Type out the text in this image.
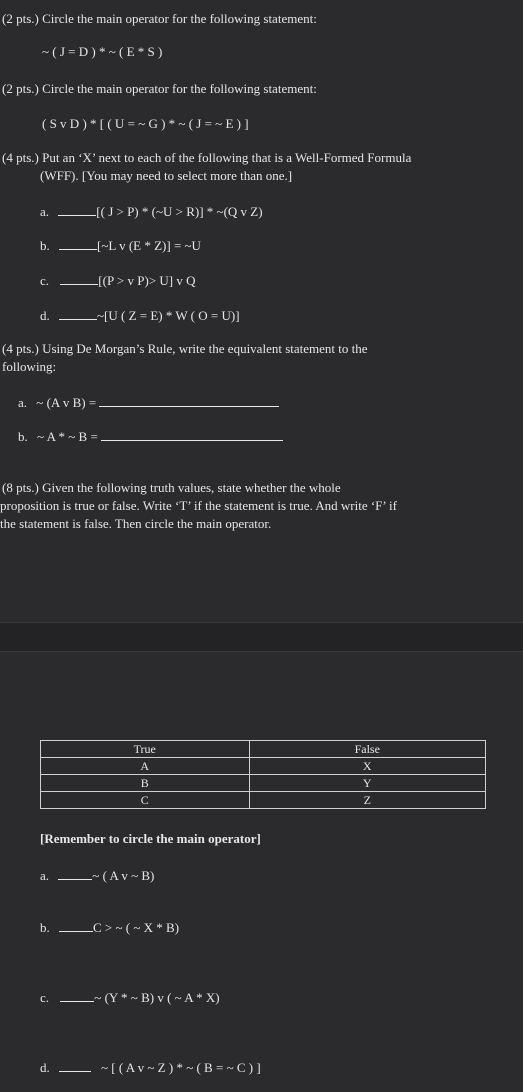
(2 pts.) Circle the main operator for the following statement:
~ ( J = D ) * ~ ( E * S )
(2 pts.) Circle the main operator for the following statement:
( S v D ) * [ ( U = ~ G ) * ~ ( J = ~ E ) ]
(4 pts.) Put an ‘X’ next to each of the following that is a Well-Formed Formula
(WFF). [You may need to select more than one.]
a.	[( J > P) * (~U > R)] * ~(Q v Z)
b.	[~L v (E * Z)] = ~U
c.	[(P > v P)> U] v Q
d.	~[U ( Z = E) * W ( O = U)]
(4 pts.) Using De Morgan’s Rule, write the equivalent statement to the
following:
a. ~ (A v B) =
b. ~ A * ~ B =
(8 pts.) Given the following truth values, state whether the whole
proposition is true or false. Write ‘T’ if the statement is true. And write ‘F’ if
the statement is false. Then circle the main operator.
True	False
A	X
B	Y
C	Z
[Remember to circle the main operator]
a.	~ ( A v ~ B)
b.	C > ~ ( ~ X * B)
c.	~ (Y * ~ B) v ( ~ A * X)
d.	~ [ ( A v ~ Z ) * ~ ( B = ~ C ) ]
